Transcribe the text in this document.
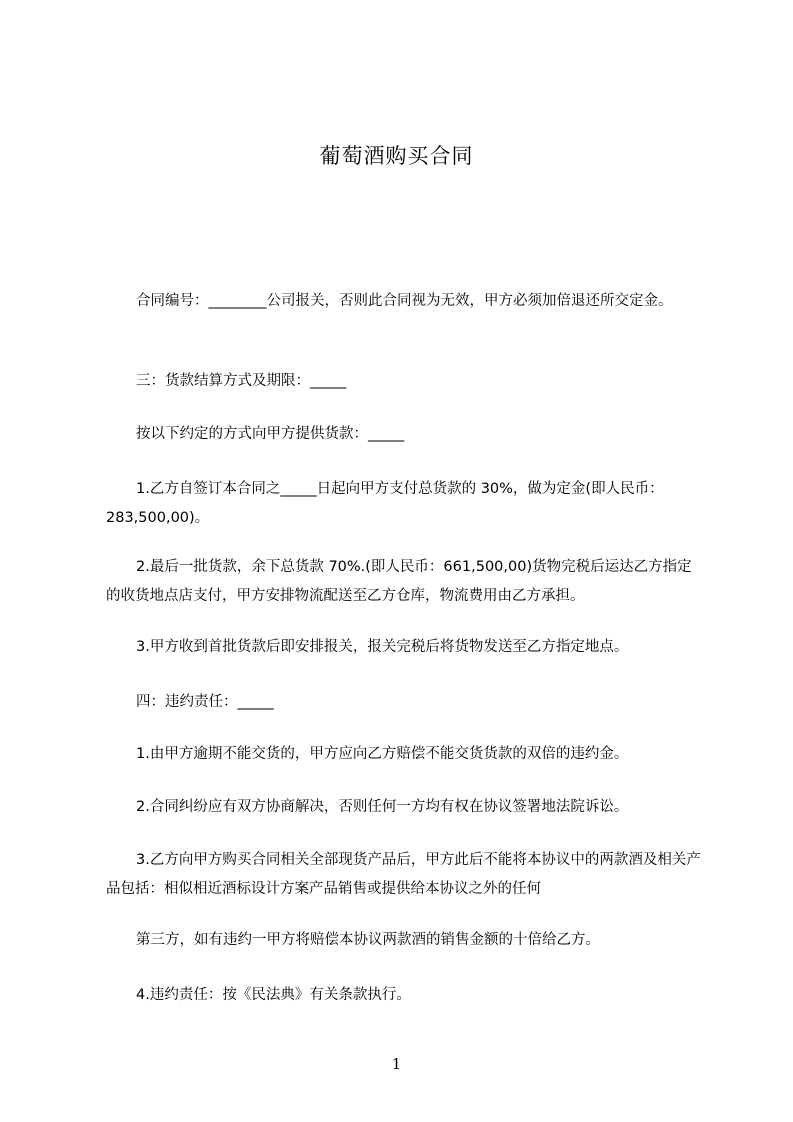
葡萄酒购买合同
合同编号：________公司报关，否则此合同视为无效，甲方必须加倍退还所交定金。
三：货款结算方式及期限：_____
按以下约定的方式向甲方提供货款：_____
1.乙方自签订本合同之_____日起向甲方支付总货款的 30%，做为定金(即人民币：283,500,00)。
2.最后一批货款，余下总货款 70%.(即人民币：661,500,00)货物完税后运达乙方指定的收货地点店支付，甲方安排物流配送至乙方仓库，物流费用由乙方承担。
3.甲方收到首批货款后即安排报关，报关完税后将货物发送至乙方指定地点。
四：违约责任：_____
1.由甲方逾期不能交货的，甲方应向乙方赔偿不能交货货款的双倍的违约金。
2.合同纠纷应有双方协商解决，否则任何一方均有权在协议签署地法院诉讼。
3.乙方向甲方购买合同相关全部现货产品后，甲方此后不能将本协议中的两款酒及相关产品包括：相似相近酒标设计方案产品销售或提供给本协议之外的任何
第三方，如有违约一甲方将赔偿本协议两款酒的销售金额的十倍给乙方。
4.违约责任：按《民法典》有关条款执行。
1
